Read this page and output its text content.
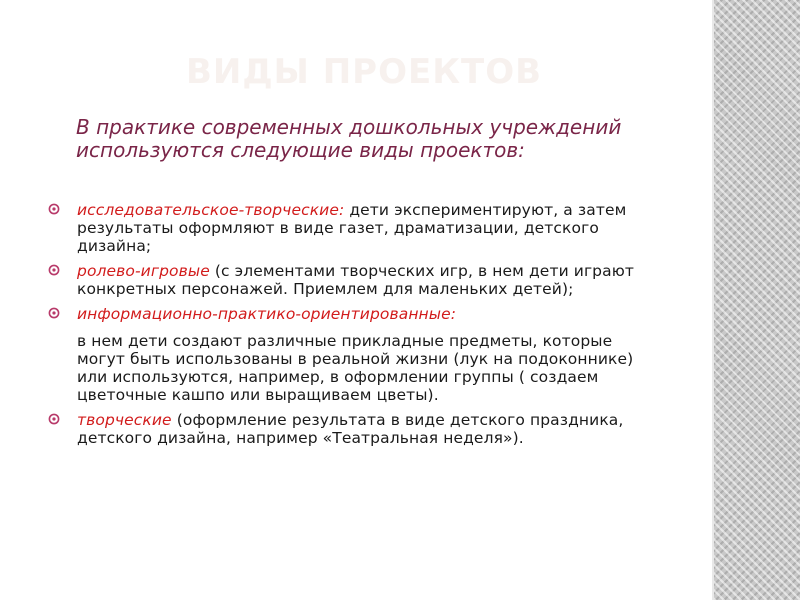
ВИДЫ ПРОЕКТОВ
В практике современных дошкольных учреждений используются следующие виды проектов:
исследовательское-творческие: дети экспериментируют, а затем результаты оформляют в виде газет, драматизации, детского дизайна;
ролево-игровые (с элементами творческих игр, в нем дети играют конкретных персонажей. Приемлем для маленьких детей);
информационно-практико-ориентированные:
в нем дети создают различные прикладные предметы, которые могут быть использованы в реальной жизни (лук на подоконнике) или используются, например, в оформлении группы ( создаем цветочные кашпо или выращиваем цветы).
творческие (оформление результата в виде детского праздника, детского дизайна, например «Театральная неделя»).
